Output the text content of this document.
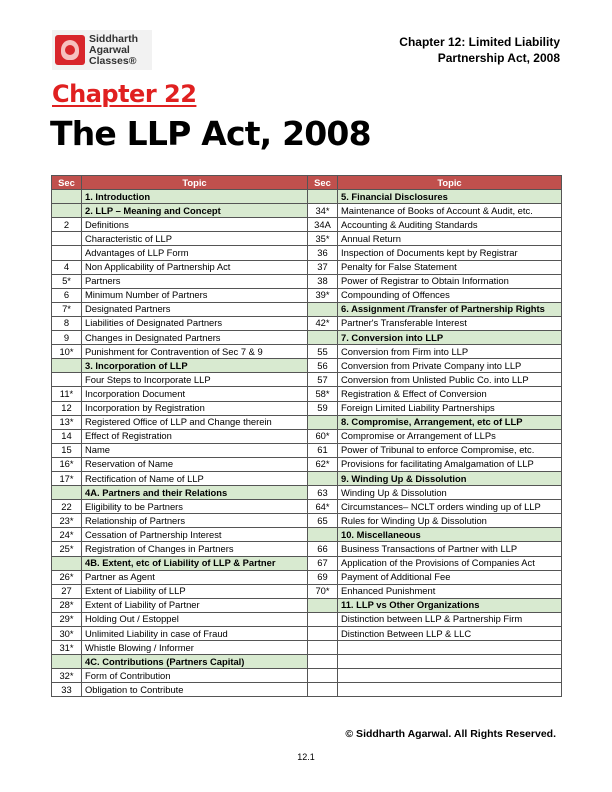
Siddharth
Agarwal
Classes®
Chapter 12: Limited Liability
Partnership Act, 2008
Chapter 22
The LLP Act, 2008
Sec	Topic	Sec	Topic
	1. Introduction		5. Financial Disclosures
	2. LLP – Meaning and Concept	34*	Maintenance of Books of Account & Audit, etc.
2	Definitions	34A	Accounting & Auditing Standards
	Characteristic of LLP	35*	Annual Return
	Advantages of LLP Form	36	Inspection of Documents kept by Registrar
4	Non Applicability of Partnership Act	37	Penalty for False Statement
5*	Partners	38	Power of Registrar to Obtain Information
6	Minimum Number of Partners	39*	Compounding of Offences
7*	Designated Partners		6. Assignment /Transfer of Partnership Rights
8	Liabilities of Designated Partners	42*	Partner's Transferable Interest
9	Changes in Designated Partners		7. Conversion into LLP
10*	Punishment for Contravention of Sec 7 & 9	55	Conversion from Firm into LLP
	3. Incorporation of LLP	56	Conversion from Private Company into LLP
	Four Steps to Incorporate LLP	57	Conversion from Unlisted Public Co. into LLP
11*	Incorporation Document	58*	Registration & Effect of Conversion
12	Incorporation by Registration	59	Foreign Limited Liability Partnerships
13*	Registered Office of LLP and Change therein		8. Compromise, Arrangement, etc of LLP
14	Effect of Registration	60*	Compromise or Arrangement of LLPs
15	Name	61	Power of Tribunal to enforce Compromise, etc.
16*	Reservation of Name	62*	Provisions for facilitating Amalgamation of LLP
17*	Rectification of Name of LLP		9. Winding Up & Dissolution
	4A. Partners and their Relations	63	Winding Up & Dissolution
22	Eligibility to be Partners	64*	Circumstances– NCLT orders winding up of LLP
23*	Relationship of Partners	65	Rules for Winding Up & Dissolution
24*	Cessation of Partnership Interest		10. Miscellaneous
25*	Registration of Changes in Partners	66	Business Transactions of Partner with LLP
	4B. Extent, etc of Liability of LLP & Partner	67	Application of the Provisions of Companies Act
26*	Partner as Agent	69	Payment of Additional Fee
27	Extent of Liability of LLP	70*	Enhanced Punishment
28*	Extent of Liability of Partner		11. LLP vs Other Organizations
29*	Holding Out / Estoppel		Distinction between LLP & Partnership Firm
30*	Unlimited Liability in case of Fraud		Distinction Between LLP & LLC
31*	Whistle Blowing / Informer		
	4C. Contributions (Partners Capital)		
32*	Form of Contribution		
33	Obligation to Contribute		
© Siddharth Agarwal. All Rights Reserved.
12.1
